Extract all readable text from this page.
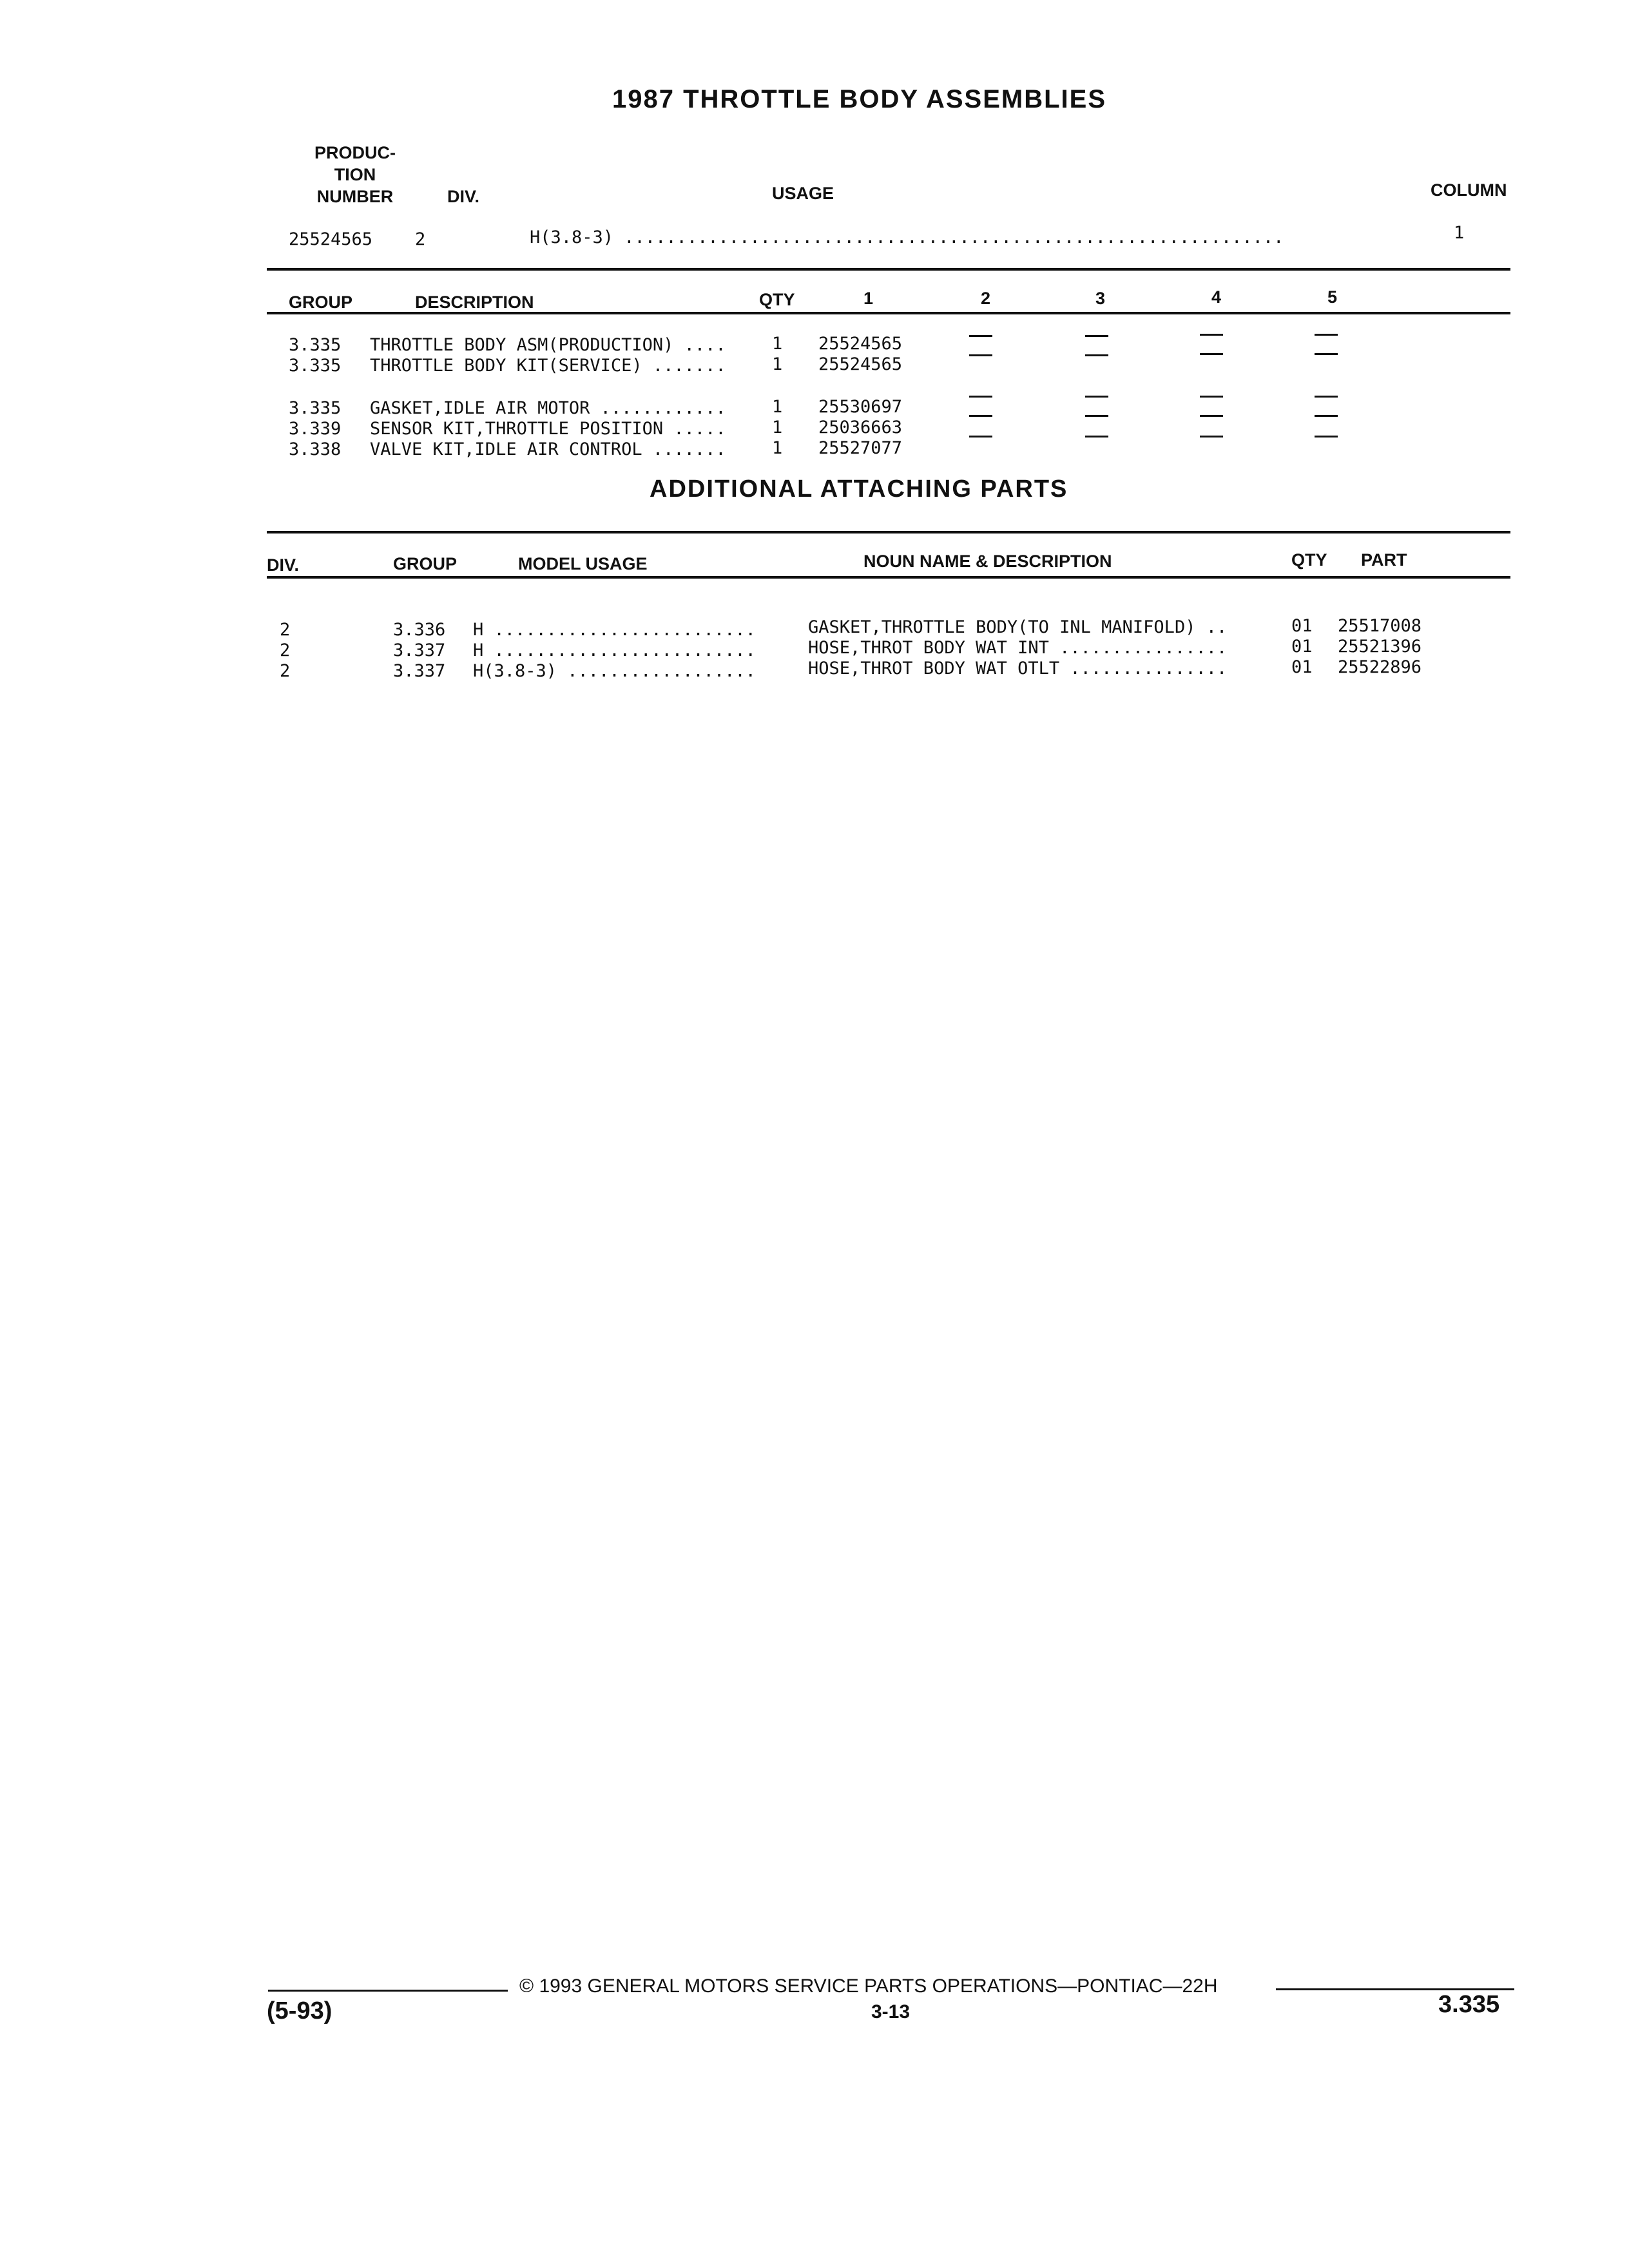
1987 THROTTLE BODY ASSEMBLIES
PRODUC-
TION
NUMBER	DIV.	USAGE	COLUMN
25524565 2	H(3.8-3) ...............................................................	1
GROUP	DESCRIPTION	QTY	1	2	3	4	5
3.335 THROTTLE BODY ASM(PRODUCTION) ....	1 25524565
3.335 THROTTLE BODY KIT(SERVICE) .......	1 25524565
3.335 GASKET,IDLE AIR MOTOR ............	1 25530697
3.339 SENSOR KIT,THROTTLE POSITION .....	1 25036663
3.338 VALVE KIT,IDLE AIR CONTROL .......	1 25527077
ADDITIONAL ATTACHING PARTS
DIV.	GROUP	MODEL USAGE	NOUN NAME & DESCRIPTION	QTY PART
2	3.336 H .........................	GASKET,THROTTLE BODY(TO INL MANIFOLD) ..	01 25517008
2	3.337 H .........................	HOSE,THROT BODY WAT INT ................	01 25521396
2	3.337 H(3.8-3) ..................	HOSE,THROT BODY WAT OTLT ...............	01 25522896
© 1993 GENERAL MOTORS SERVICE PARTS OPERATIONS—PONTIAC—22H
(5-93)	3-13	3.335
